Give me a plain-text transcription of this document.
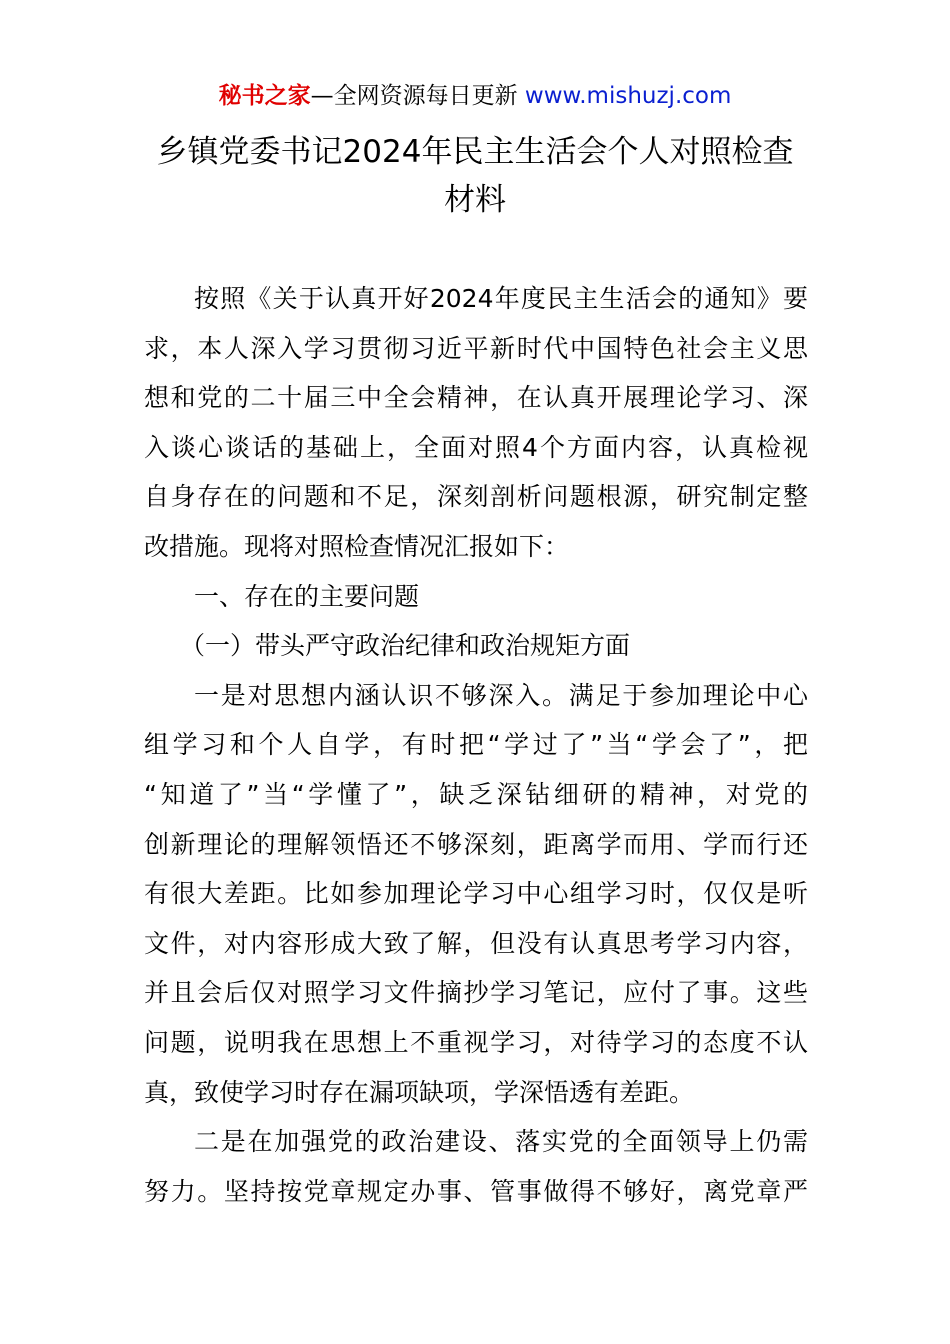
秘书之家—全网资源每日更新 www.mishuzj.com
乡镇党委书记2024年民主生活会个人对照检查
材料
按照《关于认真开好2024年度民主生活会的通知》要
求，本人深入学习贯彻习近平新时代中国特色社会主义思
想和党的二十届三中全会精神，在认真开展理论学习、深
入谈心谈话的基础上，全面对照4个方面内容，认真检视
自身存在的问题和不足，深刻剖析问题根源，研究制定整
改措施。现将对照检查情况汇报如下：
一、存在的主要问题
（一）带头严守政治纪律和政治规矩方面
一是对思想内涵认识不够深入。满足于参加理论中心
组学习和个人自学，有时把“学过了”当“学会了”，把
“知道了”当“学懂了”，缺乏深钻细研的精神，对党的
创新理论的理解领悟还不够深刻，距离学而用、学而行还
有很大差距。比如参加理论学习中心组学习时，仅仅是听
文件，对内容形成大致了解，但没有认真思考学习内容，
并且会后仅对照学习文件摘抄学习笔记，应付了事。这些
问题，说明我在思想上不重视学习，对待学习的态度不认
真，致使学习时存在漏项缺项，学深悟透有差距。
二是在加强党的政治建设、落实党的全面领导上仍需
努力。坚持按党章规定办事、管事做得不够好，离党章严
